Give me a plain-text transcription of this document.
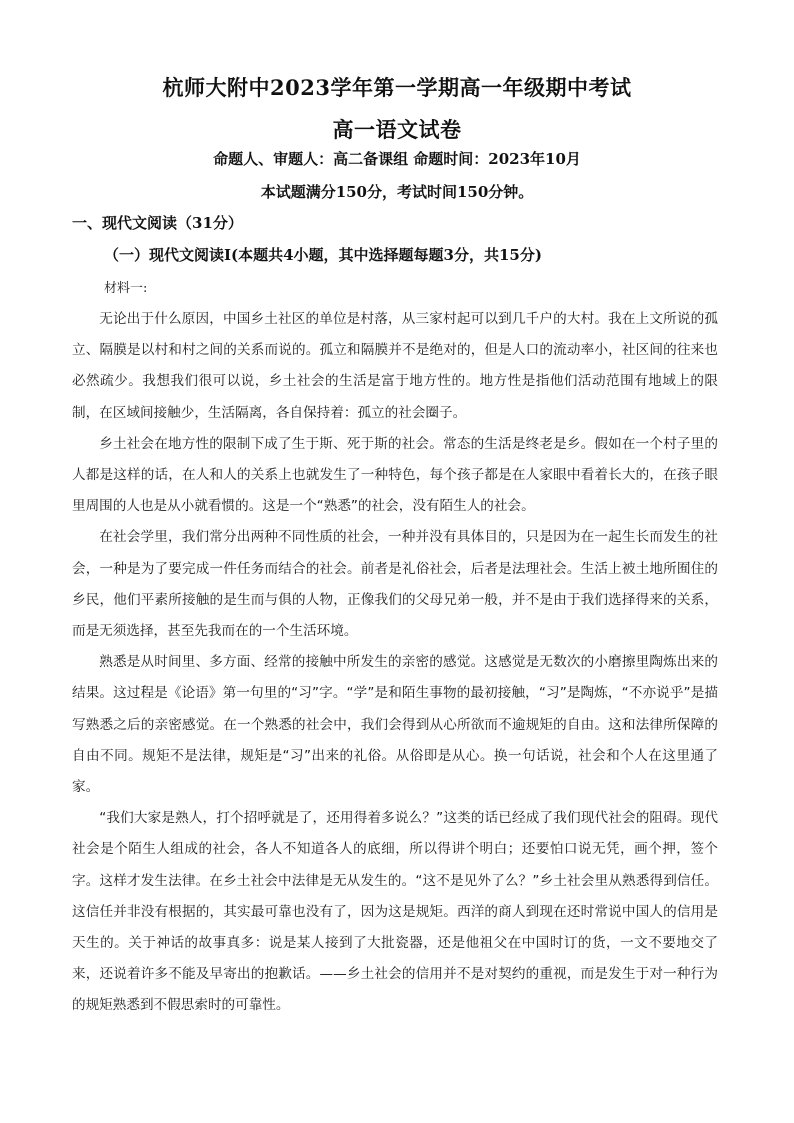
杭师大附中2023学年第一学期高一年级期中考试
高一语文试卷
命题人、审题人：高二备课组 命题时间：2023年10月
本试题满分150分，考试时间150分钟。
一、现代文阅读（31分）
（一）现代文阅读Ⅰ(本题共4小题，其中选择题每题3分，共15分)
材料一:

无论出于什么原因，中国乡土社区的单位是村落，从三家村起可以到几千户的大村。我在上文所说的孤立、隔膜是以村和村之间的关系而说的。孤立和隔膜并不是绝对的，但是人口的流动率小，社区间的往来也必然疏少。我想我们很可以说，乡土社会的生活是富于地方性的。地方性是指他们活动范围有地域上的限制，在区域间接触少，生活隔离，各自保持着：孤立的社会圈子。

乡土社会在地方性的限制下成了生于斯、死于斯的社会。常态的生活是终老是乡。假如在一个村子里的人都是这样的话，在人和人的关系上也就发生了一种特色，每个孩子都是在人家眼中看着长大的，在孩子眼里周围的人也是从小就看惯的。这是一个“熟悉”的社会，没有陌生人的社会。

在社会学里，我们常分出两种不同性质的社会，一种并没有具体目的，只是因为在一起生长而发生的社会，一种是为了要完成一件任务而结合的社会。前者是礼俗社会，后者是法理社会。生活上被土地所囿住的乡民，他们平素所接触的是生而与俱的人物，正像我们的父母兄弟一般，并不是由于我们选择得来的关系，而是无须选择，甚至先我而在的一个生活环境。

熟悉是从时间里、多方面、经常的接触中所发生的亲密的感觉。这感觉是无数次的小磨擦里陶炼出来的结果。这过程是《论语》第一句里的“习”字。“学”是和陌生事物的最初接触，“习”是陶炼，“不亦说乎”是描写熟悉之后的亲密感觉。在一个熟悉的社会中，我们会得到从心所欲而不逾规矩的自由。这和法律所保障的自由不同。规矩不是法律，规矩是“习”出来的礼俗。从俗即是从心。换一句话说，社会和个人在这里通了家。

“我们大家是熟人，打个招呼就是了，还用得着多说么？”这类的话已经成了我们现代社会的阻碍。现代社会是个陌生人组成的社会，各人不知道各人的底细，所以得讲个明白；还要怕口说无凭，画个押，签个字。这样才发生法律。在乡土社会中法律是无从发生的。“这不是见外了么？”乡土社会里从熟悉得到信任。这信任并非没有根据的，其实最可靠也没有了，因为这是规矩。西洋的商人到现在还时常说中国人的信用是天生的。关于神话的故事真多：说是某人接到了大批瓷器，还是他祖父在中国时订的货，一文不要地交了来，还说着许多不能及早寄出的抱歉话。——乡土社会的信用并不是对契约的重视，而是发生于对一种行为的规矩熟悉到不假思索时的可靠性。
